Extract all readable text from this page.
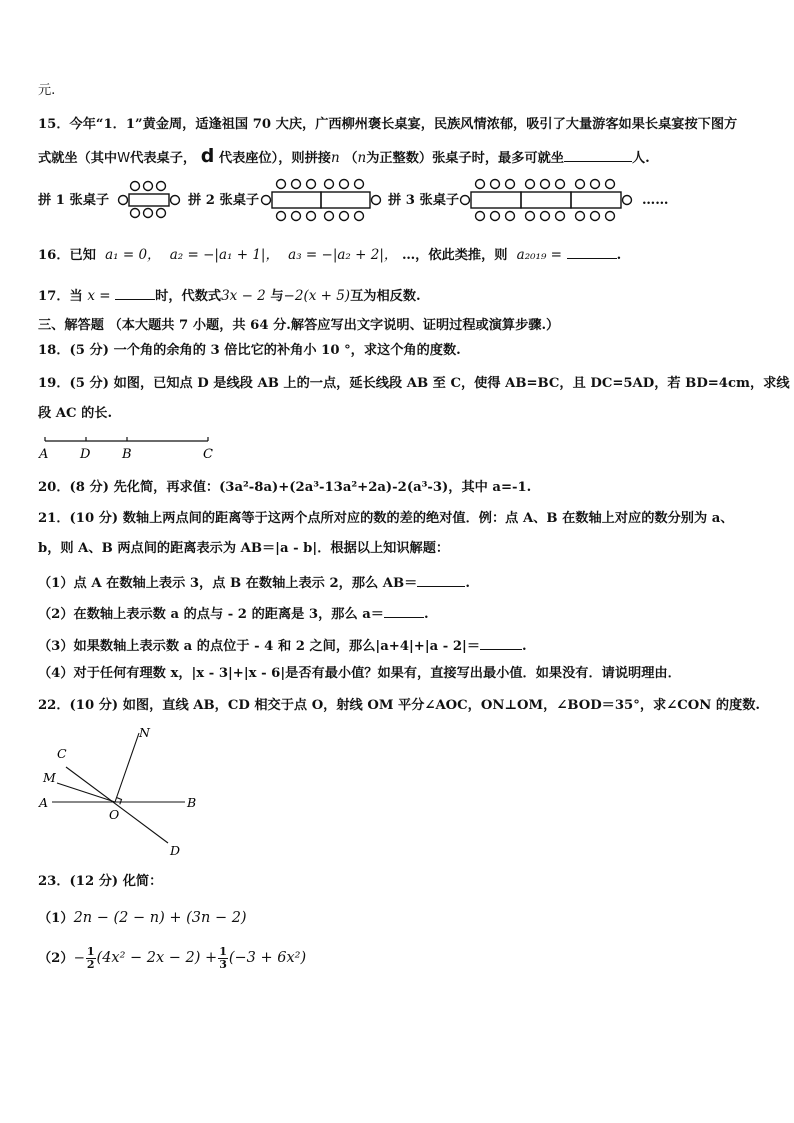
元.
15．今年“1．1”黄金周，适逢祖国 70 大庆，广西柳州褒长桌宴，民族风情浓郁，吸引了大量游客如果长桌宴按下图方
式就坐（其中W代表桌子， d 代表座位），则拼接n （n为正整数）张桌子时，最多可就坐	人.
拼 1 张桌子	拼 2 张桌子	拼 3 张桌子	……
16．已知 a₁ = 0， a₂ = −|a₁ + 1|， a₃ = −|a₂ + 2|， …，依此类推，则 a₂₀₁₉ =	.
17．当 x =	时，代数式3x − 2 与−2(x + 5)互为相反数.
三、解答题 （本大题共 7 小题，共 64 分.解答应写出文字说明、证明过程或演算步骤.）
18．(5 分) 一个角的余角的 3 倍比它的补角小 10 °，求这个角的度数.
19．(5 分) 如图，已知点 D 是线段 AB 上的一点，延长线段 AB 至 C，使得 AB=BC，且 DC=5AD，若 BD=4cm，求线
段 AC 的长.
A D B	C
20．(8 分) 先化简，再求值：(3a²-8a)+(2a³-13a²+2a)-2(a³-3)，其中 a=-1.
21．(10 分) 数轴上两点间的距离等于这两个点所对应的数的差的绝对值．例：点 A、B 在数轴上对应的数分别为 a、
b，则 A、B 两点间的距离表示为 AB＝|a - b|．根据以上知识解题：
（1）点 A 在数轴上表示 3，点 B 在数轴上表示 2，那么 AB＝	.
（2）在数轴上表示数 a 的点与 - 2 的距离是 3，那么 a＝	.
（3）如果数轴上表示数 a 的点位于 - 4 和 2 之间，那么|a+4|+|a - 2|＝	.
（4）对于任何有理数 x，|x - 3|+|x - 6|是否有最小值？如果有，直接写出最小值．如果没有．请说明理由．
22．(10 分) 如图，直线 AB，CD 相交于点 O，射线 OM 平分∠AOC，ON⊥OM，∠BOD＝35°，求∠CON 的度数.
N
C
M
A
O
B
D
23．(12 分) 化简：
（1）2n − (2 − n) + (3n − 2)
$(2)- \frac{1}{2} (4x^2 - 2x - 2) + \frac{1}{3} (-3 + 6x^2)$
